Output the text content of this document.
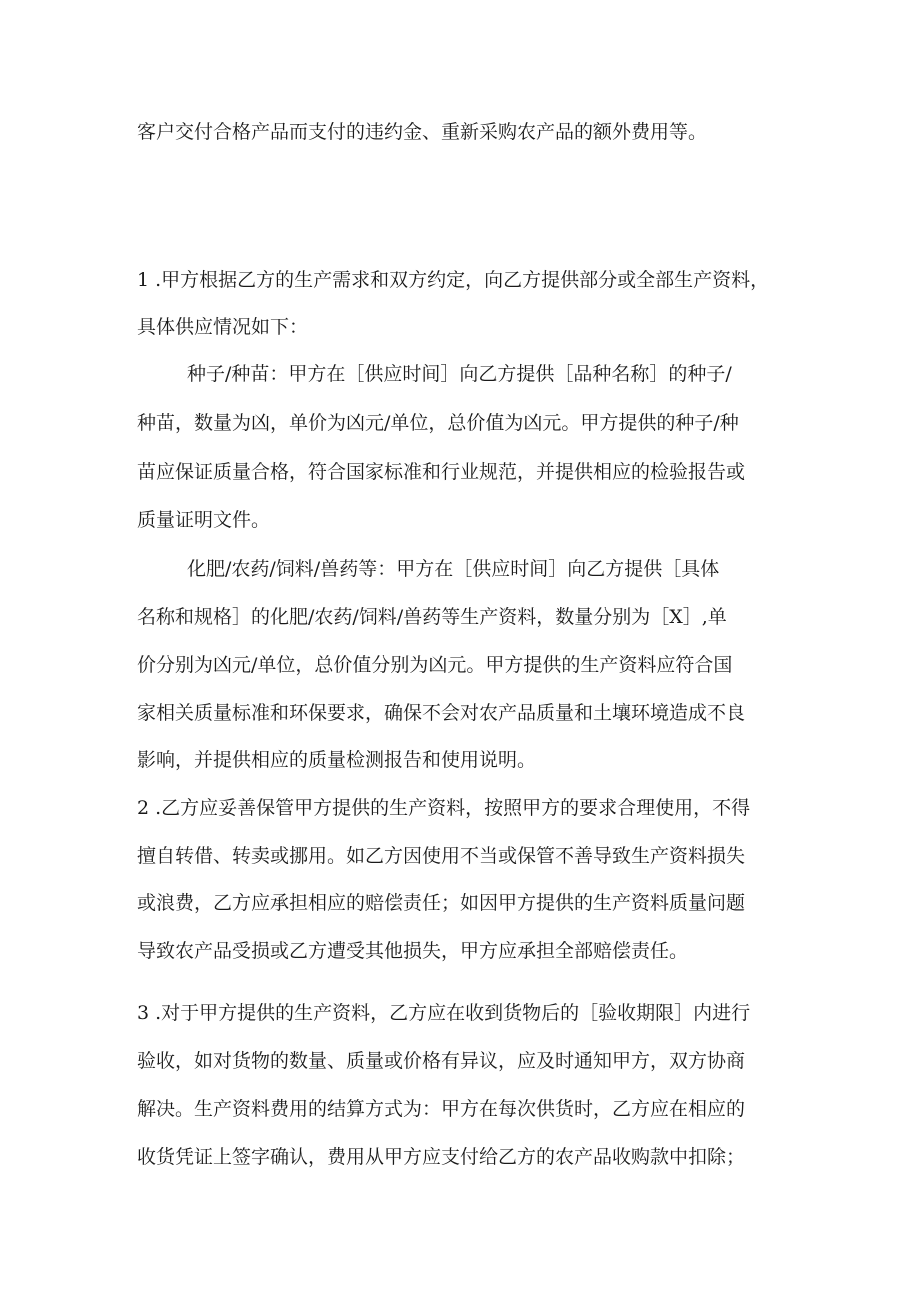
客户交付合格产品而支付的违约金、重新采购农产品的额外费用等。
1 .甲方根据乙方的生产需求和双方约定，向乙方提供部分或全部生产资料，
具体供应情况如下：
种子/种苗：甲方在［供应时间］向乙方提供［品种名称］的种子/
种苗，数量为凶，单价为凶元/单位，总价值为凶元。甲方提供的种子/种
苗应保证质量合格，符合国家标准和行业规范，并提供相应的检验报告或
质量证明文件。
化肥/农药/饲料/兽药等：甲方在［供应时间］向乙方提供［具体
名称和规格］的化肥/农药/饲料/兽药等生产资料，数量分别为［X］,单
价分别为凶元/单位，总价值分别为凶元。甲方提供的生产资料应符合国
家相关质量标准和环保要求，确保不会对农产品质量和土壤环境造成不良
影响，并提供相应的质量检测报告和使用说明。
2 .乙方应妥善保管甲方提供的生产资料，按照甲方的要求合理使用，不得
擅自转借、转卖或挪用。如乙方因使用不当或保管不善导致生产资料损失
或浪费，乙方应承担相应的赔偿责任；如因甲方提供的生产资料质量问题
导致农产品受损或乙方遭受其他损失，甲方应承担全部赔偿责任。
3 .对于甲方提供的生产资料，乙方应在收到货物后的［验收期限］内进行
验收，如对货物的数量、质量或价格有异议，应及时通知甲方，双方协商
解决。生产资料费用的结算方式为：甲方在每次供货时，乙方应在相应的
收货凭证上签字确认，费用从甲方应支付给乙方的农产品收购款中扣除；
